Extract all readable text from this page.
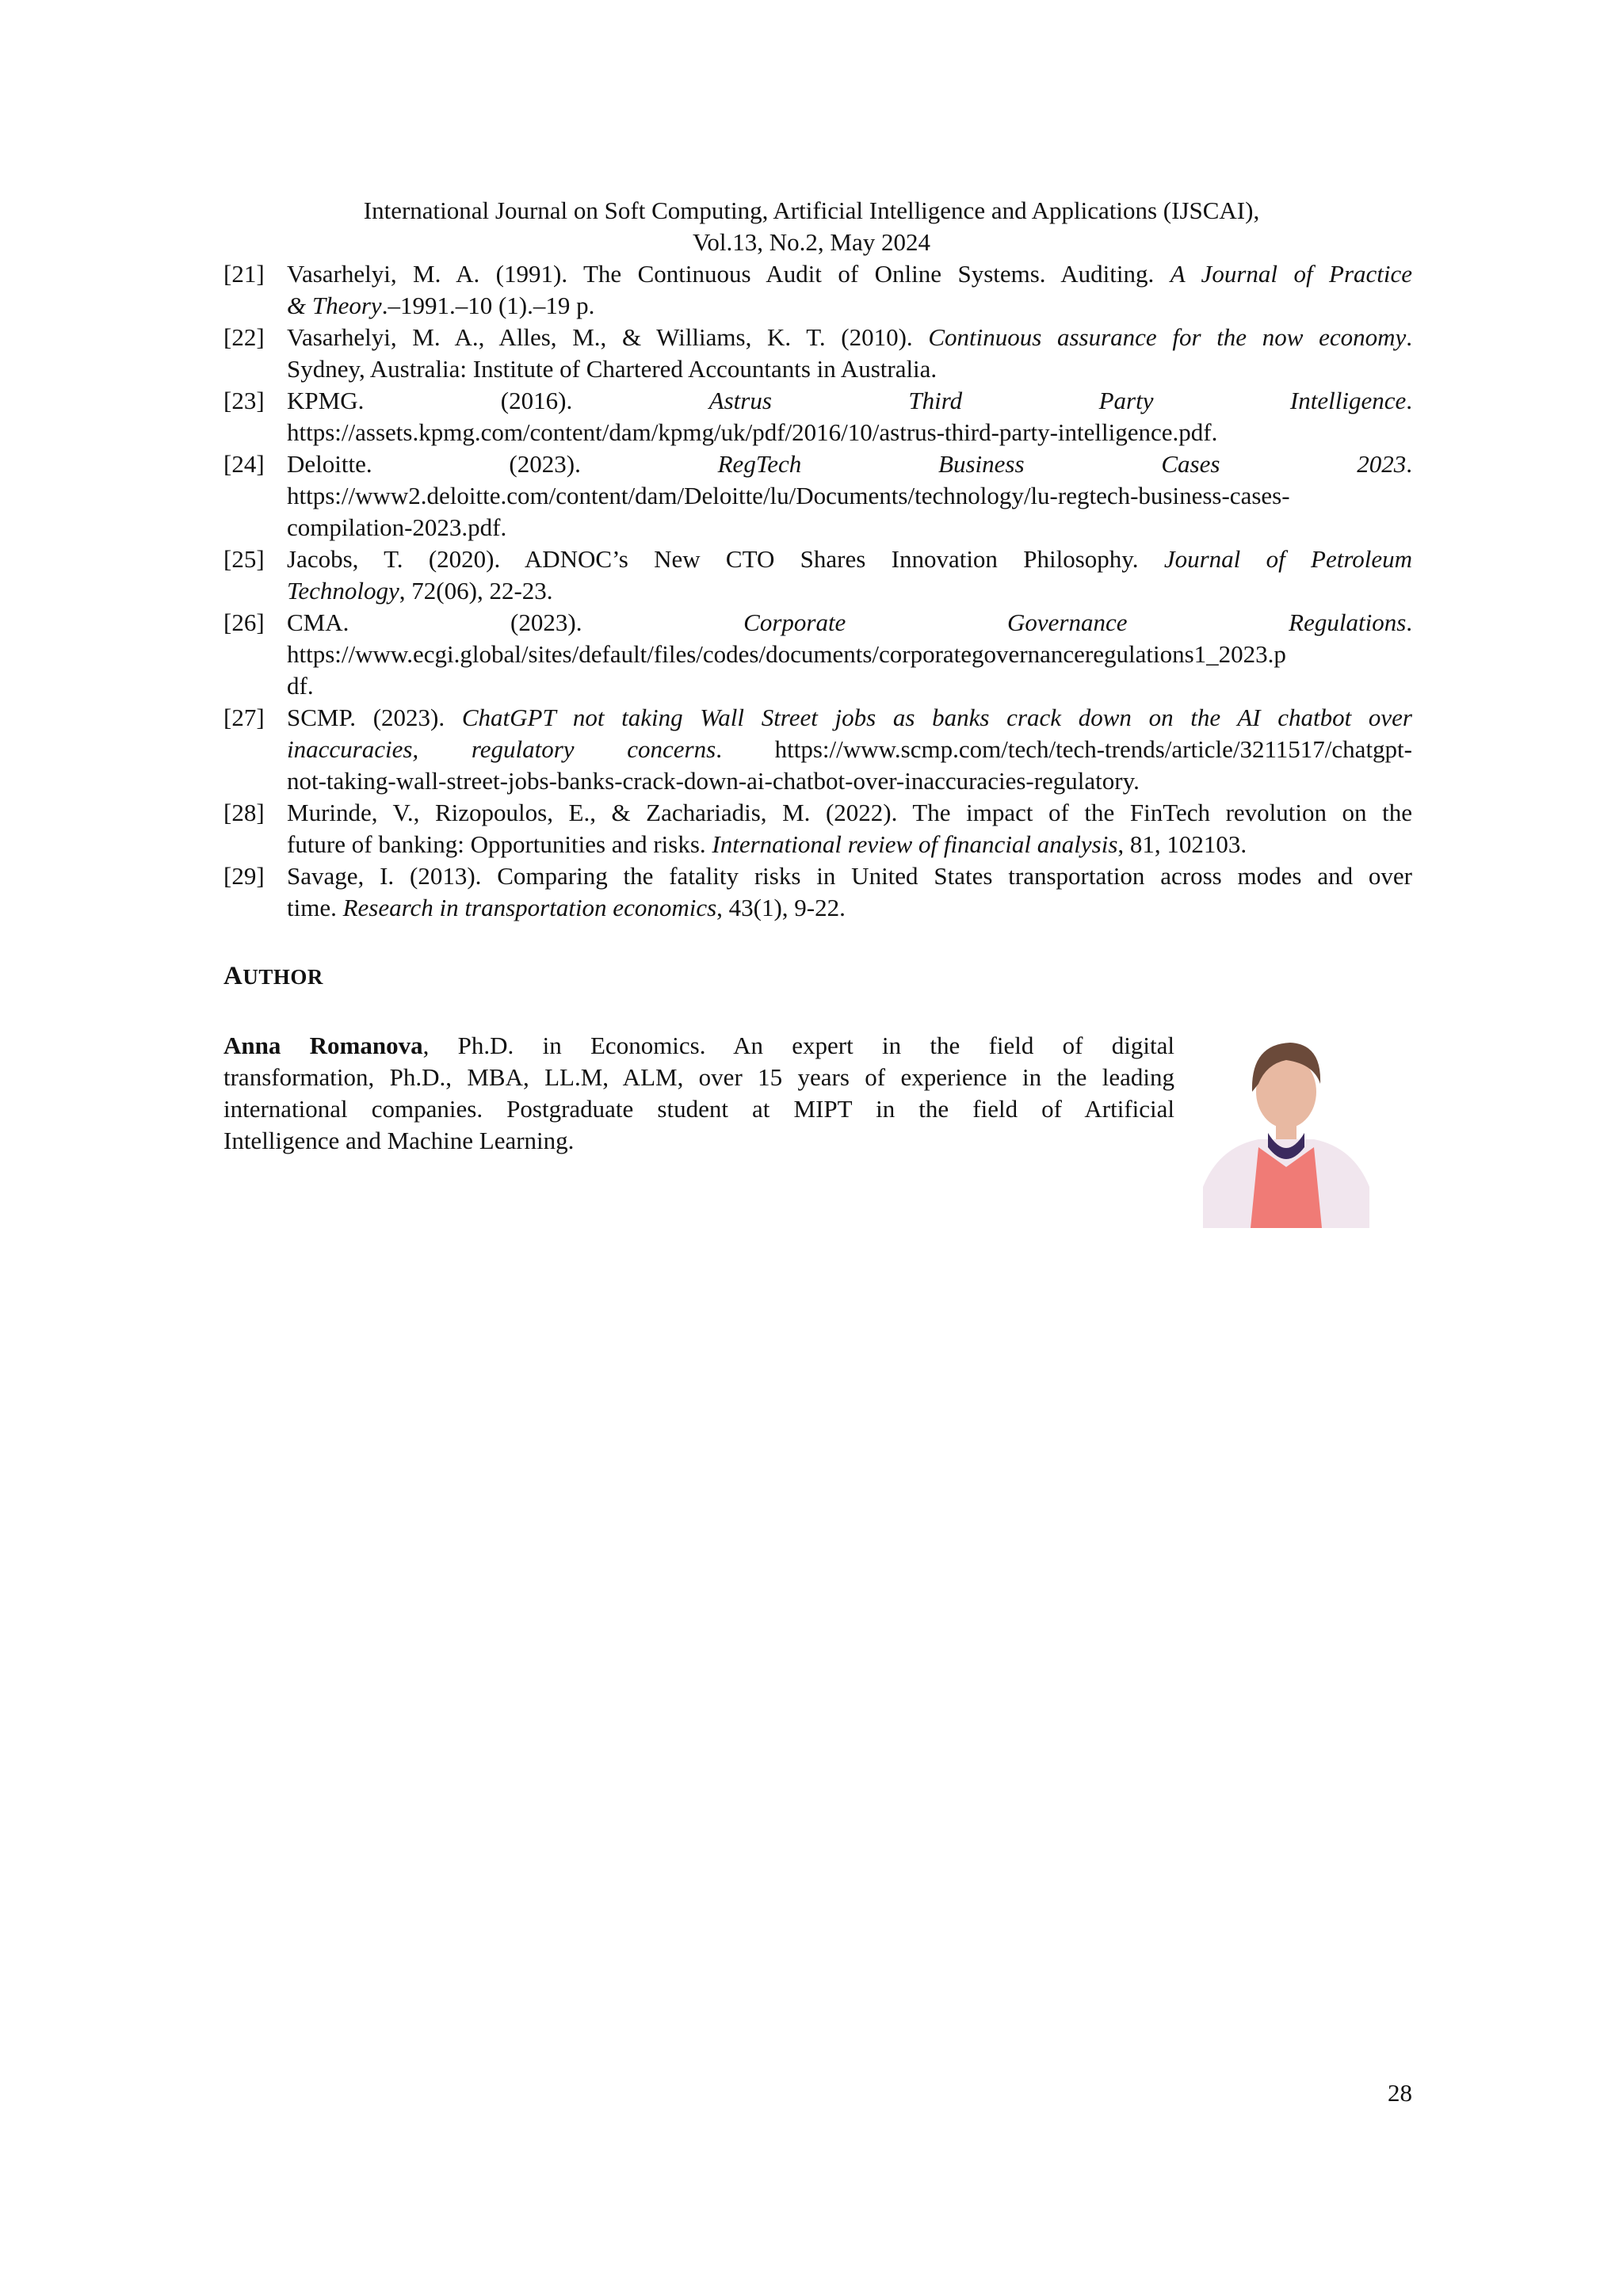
International Journal on Soft Computing, Artificial Intelligence and Applications (IJSCAI),
Vol.13, No.2, May 2024
[21] Vasarhelyi, M. A. (1991). The Continuous Audit of Online Systems. Auditing. A Journal of Practice
& Theory.–1991.–10 (1).–19 p.
[22] Vasarhelyi, M. A., Alles, M., & Williams, K. T. (2010). Continuous assurance for the now economy.
Sydney, Australia: Institute of Chartered Accountants in Australia.
[23] KPMG. (2016). Astrus Third Party Intelligence.
https://assets.kpmg.com/content/dam/kpmg/uk/pdf/2016/10/astrus-third-party-intelligence.pdf.
[24] Deloitte. (2023). RegTech Business Cases 2023.
https://www2.deloitte.com/content/dam/Deloitte/lu/Documents/technology/lu-regtech-business-cases-
compilation-2023.pdf.
[25] Jacobs, T. (2020). ADNOC’s New CTO Shares Innovation Philosophy. Journal of Petroleum
Technology, 72(06), 22-23.
[26] CMA. (2023). Corporate Governance Regulations.
https://www.ecgi.global/sites/default/files/codes/documents/corporategovernanceregulations1_2023.p
df.
[27] SCMP. (2023). ChatGPT not taking Wall Street jobs as banks crack down on the AI chatbot over
inaccuracies, regulatory concerns. https://www.scmp.com/tech/tech-trends/article/3211517/chatgpt-
not-taking-wall-street-jobs-banks-crack-down-ai-chatbot-over-inaccuracies-regulatory.
[28] Murinde, V., Rizopoulos, E., & Zachariadis, M. (2022). The impact of the FinTech revolution on the
future of banking: Opportunities and risks. International review of financial analysis, 81, 102103.
[29] Savage, I. (2013). Comparing the fatality risks in United States transportation across modes and over
time. Research in transportation economics, 43(1), 9-22.
AUTHOR
Anna Romanova, Ph.D. in Economics. An expert in the field of digital
transformation, Ph.D., MBA, LL.M, ALM, over 15 years of experience in the leading
international companies. Postgraduate student at MIPT in the field of Artificial
Intelligence and Machine Learning.
28
